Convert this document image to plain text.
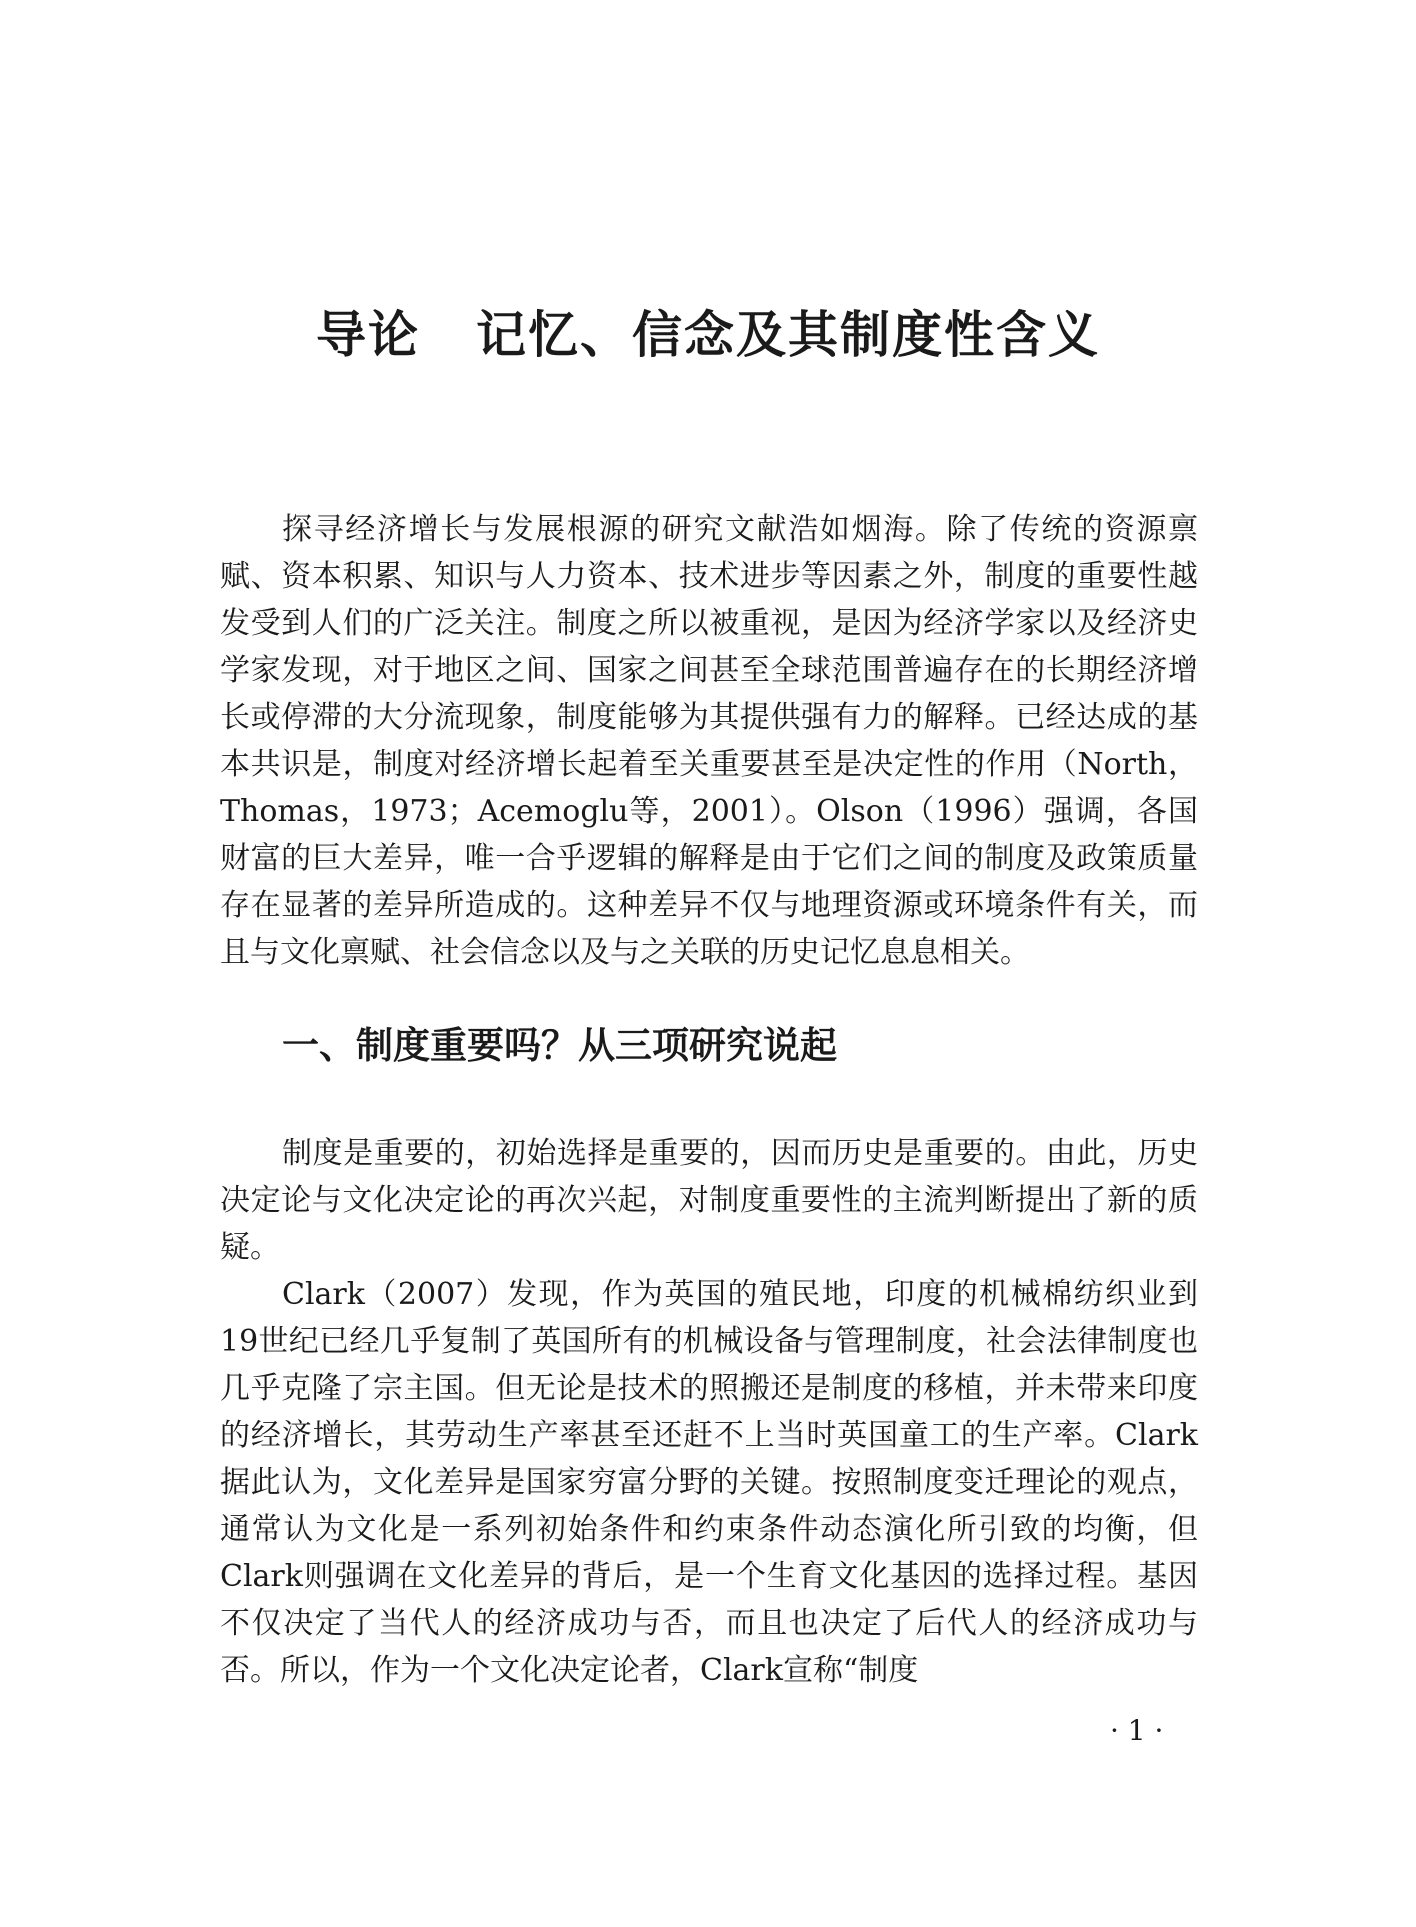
导论 记忆、信念及其制度性含义

探寻经济增长与发展根源的研究文献浩如烟海。除了传统的资源禀赋、资本积累、知识与人力资本、技术进步等因素之外，制度的重要性越发受到人们的广泛关注。制度之所以被重视，是因为经济学家以及经济史学家发现，对于地区之间、国家之间甚至全球范围普遍存在的长期经济增长或停滞的大分流现象，制度能够为其提供强有力的解释。已经达成的基本共识是，制度对经济增长起着至关重要甚至是决定性的作用（North，Thomas，1973；Acemoglu等，2001）。Olson（1996）强调，各国财富的巨大差异，唯一合乎逻辑的解释是由于它们之间的制度及政策质量存在显著的差异所造成的。这种差异不仅与地理资源或环境条件有关，而且与文化禀赋、社会信念以及与之关联的历史记忆息息相关。

一、制度重要吗？从三项研究说起

制度是重要的，初始选择是重要的，因而历史是重要的。由此，历史决定论与文化决定论的再次兴起，对制度重要性的主流判断提出了新的质疑。

Clark（2007）发现，作为英国的殖民地，印度的机械棉纺织业到19世纪已经几乎复制了英国所有的机械设备与管理制度，社会法律制度也几乎克隆了宗主国。但无论是技术的照搬还是制度的移植，并未带来印度的经济增长，其劳动生产率甚至还赶不上当时英国童工的生产率。Clark据此认为，文化差异是国家穷富分野的关键。按照制度变迁理论的观点，通常认为文化是一系列初始条件和约束条件动态演化所引致的均衡，但Clark则强调在文化差异的背后，是一个生育文化基因的选择过程。基因不仅决定了当代人的经济成功与否，而且也决定了后代人的经济成功与否。所以，作为一个文化决定论者，Clark宣称“制度

· 1 ·
